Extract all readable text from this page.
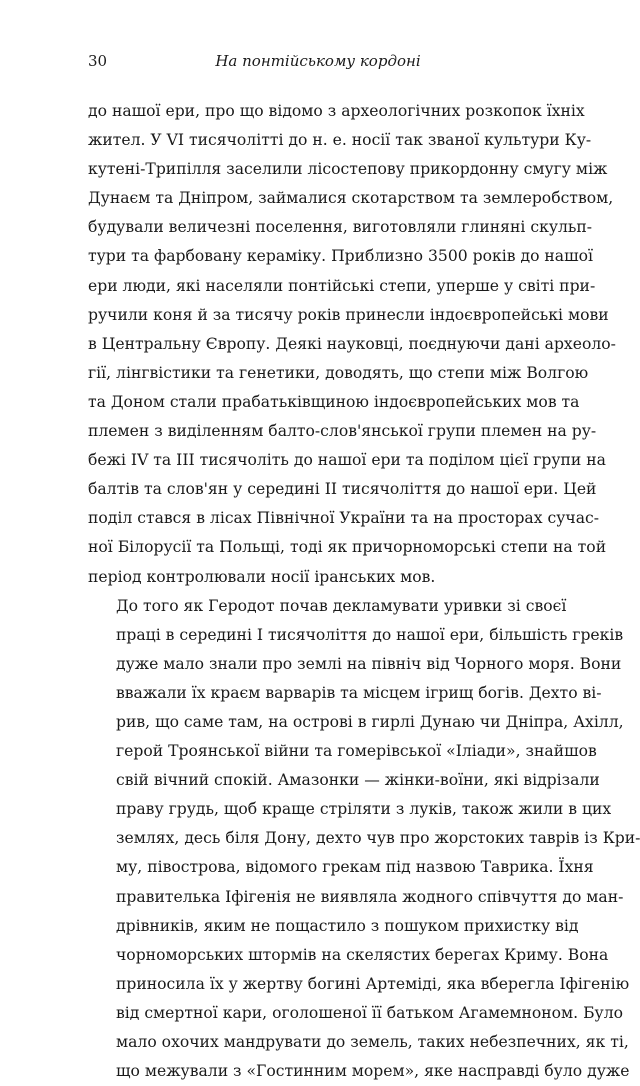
30	На понтійському кордоні

до нашої ери, про що відомо з археологічних розкопок їхніх
жител. У VI тисячолітті до н. е. носії так званої культури Ку-
кутені-Трипілля заселили лісостепову прикордонну смугу між
Дунаєм та Дніпром, займалися скотарством та землеробством,
будували величезні поселення, виготовляли глиняні скульп-
тури та фарбовану кераміку. Приблизно 3500 років до нашої
ери люди, які населяли понтійські степи, уперше у світі при-
ручили коня й за тисячу років принесли індоєвропейські мови
в Центральну Європу. Деякі науковці, поєднуючи дані археоло-
гії, лінгвістики та генетики, доводять, що степи між Волгою
та Доном стали прабатьківщиною індоєвропейських мов та
племен з виділенням балто-слов'янської групи племен на ру-
бежі IV та III тисячоліть до нашої ери та поділом цієї групи на
балтів та слов'ян у середині II тисячоліття до нашої ери. Цей
поділ стався в лісах Північної України та на просторах сучас-
ної Білорусії та Польщі, тоді як причорноморські степи на той
період контролювали носії іранських мов.

До того як Геродот почав декламувати уривки зі своєї
праці в середині I тисячоліття до нашої ери, більшість греків
дуже мало знали про землі на північ від Чорного моря. Вони
вважали їх краєм варварів та місцем ігрищ богів. Дехто ві-
рив, що саме там, на острові в гирлі Дунаю чи Дніпра, Ахілл,
герой Троянської війни та гомерівської «Іліади», знайшов
свій вічний спокій. Амазонки — жінки-воїни, які відрізали
праву грудь, щоб краще стріляти з луків, також жили в цих
землях, десь біля Дону, дехто чув про жорстоких таврів із Кри-
му, півострова, відомого грекам під назвою Таврика. Їхня
правителька Іфігенія не виявляла жодного співчуття до ман-
дрівників, яким не пощастило з пошуком прихистку від
чорноморських штормів на скелястих берегах Криму. Вона
приносила їх у жертву богині Артеміді, яка вберегла Іфігенію
від смертної кари, оголошеної її батьком Агамемноном. Було
мало охочих мандрувати до земель, таких небезпечних, як ті,
що межували з «Гостинним морем», яке насправді було дуже
